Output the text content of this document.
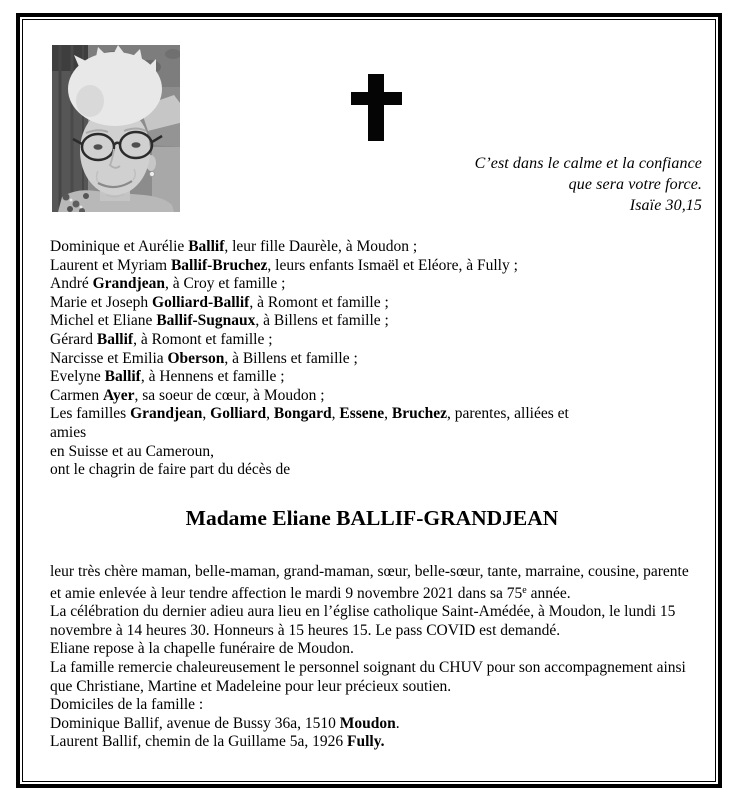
C’est dans le calme et la confiance
que sera votre force.
Isaïe 30,15
Dominique et Aurélie Ballif, leur fille Daurèle, à Moudon ;
Laurent et Myriam Ballif-Bruchez, leurs enfants Ismaël et Eléore, à Fully ;
André Grandjean, à Croy et famille ;
Marie et Joseph Golliard-Ballif, à Romont et famille ;
Michel et Eliane Ballif-Sugnaux, à Billens et famille ;
Gérard Ballif, à Romont et famille ;
Narcisse et Emilia Oberson, à Billens et famille ;
Evelyne Ballif, à Hennens et famille ;
Carmen Ayer, sa soeur de cœur, à Moudon ;
Les familles Grandjean, Golliard, Bongard, Essene, Bruchez, parentes, alliées et
amies
en Suisse et au Cameroun,
ont le chagrin de faire part du décès de
Madame Eliane BALLIF-GRANDJEAN
leur très chère maman, belle-maman, grand-maman, sœur, belle-sœur, tante, marraine, cousine, parente et amie enlevée à leur tendre affection le mardi 9 novembre 2021 dans sa 75e année.
La célébration du dernier adieu aura lieu en l’église catholique Saint-Amédée, à Moudon, le lundi 15 novembre à 14 heures 30. Honneurs à 15 heures 15. Le pass COVID est demandé.
Eliane repose à la chapelle funéraire de Moudon.
La famille remercie chaleureusement le personnel soignant du CHUV pour son accompagnement ainsi que Christiane, Martine et Madeleine pour leur précieux soutien.
Domiciles de la famille :
Dominique Ballif, avenue de Bussy 36a, 1510 Moudon.
Laurent Ballif, chemin de la Guillame 5a, 1926 Fully.
